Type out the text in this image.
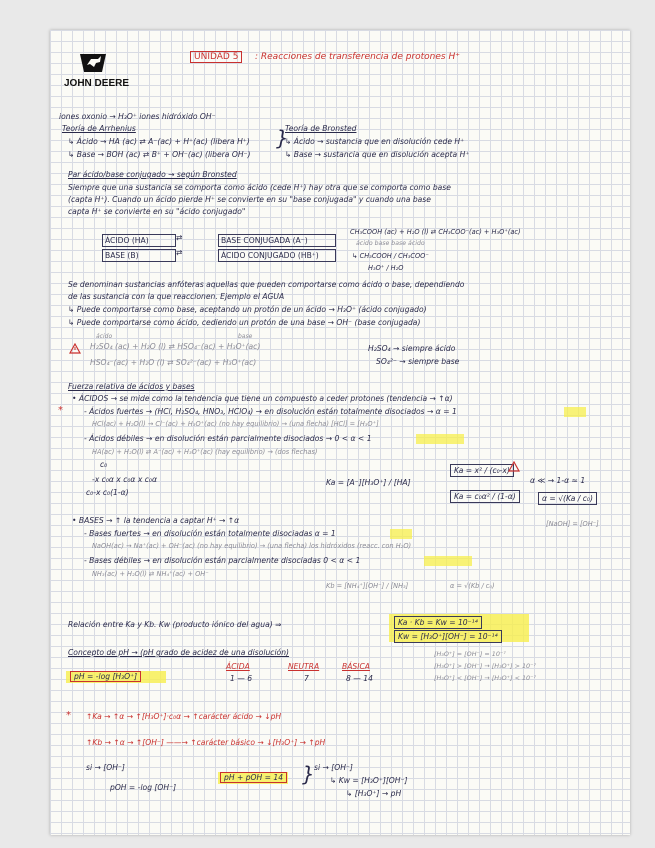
JOHN DEERE
UNIDAD 5	: Reacciones de transferencia de protones H⁺
iones oxonio → H₃O⁺ iones hidróxido OH⁻
Teoría de Arrhenius
↳ Ácido → HA (ac) ⇄ A⁻(ac) + H⁺(ac) (libera H⁺)
↳ Base → BOH (ac) ⇄ B⁺ + OH⁻(ac) (libera OH⁻)
}
Teoría de Bronsted
↳ Ácido → sustancia que en disolución cede H⁺
↳ Base → sustancia que en disolución acepta H⁺
Par ácido/base conjugado → según Bronsted
Siempre que una sustancia se comporta como ácido (cede H⁺) hay otra que se comporta como base
(capta H⁺). Cuando un ácido pierde H⁺ se convierte en su "base conjugada" y cuando una base
capta H⁺ se convierte en su "ácido conjugado"
ÁCIDO (HA)	⇄	BASE CONJUGADA (A⁻)
BASE (B)	⇄	ÁCIDO CONJUGADO (HB⁺)
CH₃COOH (ac) + H₂O (l) ⇄ CH₃COO⁻(ac) + H₃O⁺(ac)
ácido base base ácido
↳ CH₃COOH / CH₃COO⁻
H₃O⁺ / H₂O
Se denominan sustancias anfóteras aquellas que pueden comportarse como ácido o base, dependiendo
de las sustancia con la que reaccionen. Ejemplo el AGUA
↳ Puede comportarse como base, aceptando un protón de un ácido → H₃O⁺ (ácido conjugado)
↳ Puede comportarse como ácido, cediendo un protón de una base → OH⁻ (base conjugada)
ácido	base
H₂SO₄ (ac) + H₂O (l) ⇄ HSO₄⁻(ac) + H₃O⁺(ac)
HSO₄⁻(ac) + H₂O (l) ⇄ SO₄²⁻(ac) + H₃O⁺(ac)
H₂SO₄ → siempre ácido
SO₄²⁻ → siempre base
Fuerza relativa de ácidos y bases
*
• ÁCIDOS → se mide como la tendencia que tiene un compuesto a ceder protones (tendencia → ↑α)
- Ácidos fuertes → (HCl, H₂SO₄, HNO₃, HClO₄) → en disolución están totalmente disociados → α = 1
HCl(ac) + H₂O(l) → Cl⁻(ac) + H₃O⁺(ac) (no hay equilibrio) → (una flecha) [HCl] = [H₃O⁺]
- Ácidos débiles → en disolución están parcialmente disociados → 0 < α < 1
HA(ac) + H₂O(l) ⇄ A⁻(ac) + H₃O⁺(ac) (hay equilibrio) → (dos flechas)
c₀
-x c₀α x c₀α x c₀α
c₀-x c₀(1-α)
Ka = [A⁻][H₃O⁺] / [HA]
Ka = x² / (c₀-x)
Ka = c₀α² / (1-α)
α ≪ → 1-α ≈ 1
α = √(Ka / c₀)
• BASES → ↑ la tendencia a captar H⁺ → ↑α
- Bases fuertes → en disolución están totalmente disociadas α = 1
[NaOH] = [OH⁻]
NaOH(ac) → Na⁺(ac) + OH⁻(ac) (no hay equilibrio) → (una flecha) los hidróxidos (reacc. con H₂O)
- Bases débiles → en disolución están parcialmente disociadas 0 < α < 1
NH₃(ac) + H₂O(l) ⇄ NH₄⁺(ac) + OH⁻
Kb = [NH₄⁺][OH⁻] / [NH₃]	α = √(Kb / c₀)
Relación entre Ka y Kb. Kw (producto iónico del agua) ⇒	Ka · Kb = Kw = 10⁻¹⁴
Kw = [H₃O⁺][OH⁻] = 10⁻¹⁴
Concepto de pH → (pH grado de acidez de una disolución)
ÁCIDA	NEUTRA	BÁSICA
1 — 6	7	8 — 14
pH = -log [H₃O⁺]
[H₃O⁺] = [OH⁻] = 10⁻⁷
[H₃O⁺] > [OH⁻] → [H₃O⁺] > 10⁻⁷
[H₃O⁺] < [OH⁻] → [H₃O⁺] < 10⁻⁷
* ↑Ka → ↑α → ↑[H₃O⁺]·c₀α → ↑carácter ácido → ↓pH
↑Kb → ↑α → ↑[OH⁻] ——→ ↑carácter básico → ↓[H₃O⁺] → ↑pH
si → [OH⁻]
pOH = -log [OH⁻]
pH + pOH = 14 } si → [OH⁻]
↳ Kw = [H₃O⁺][OH⁻]
↳ [H₃O⁺] → pH
